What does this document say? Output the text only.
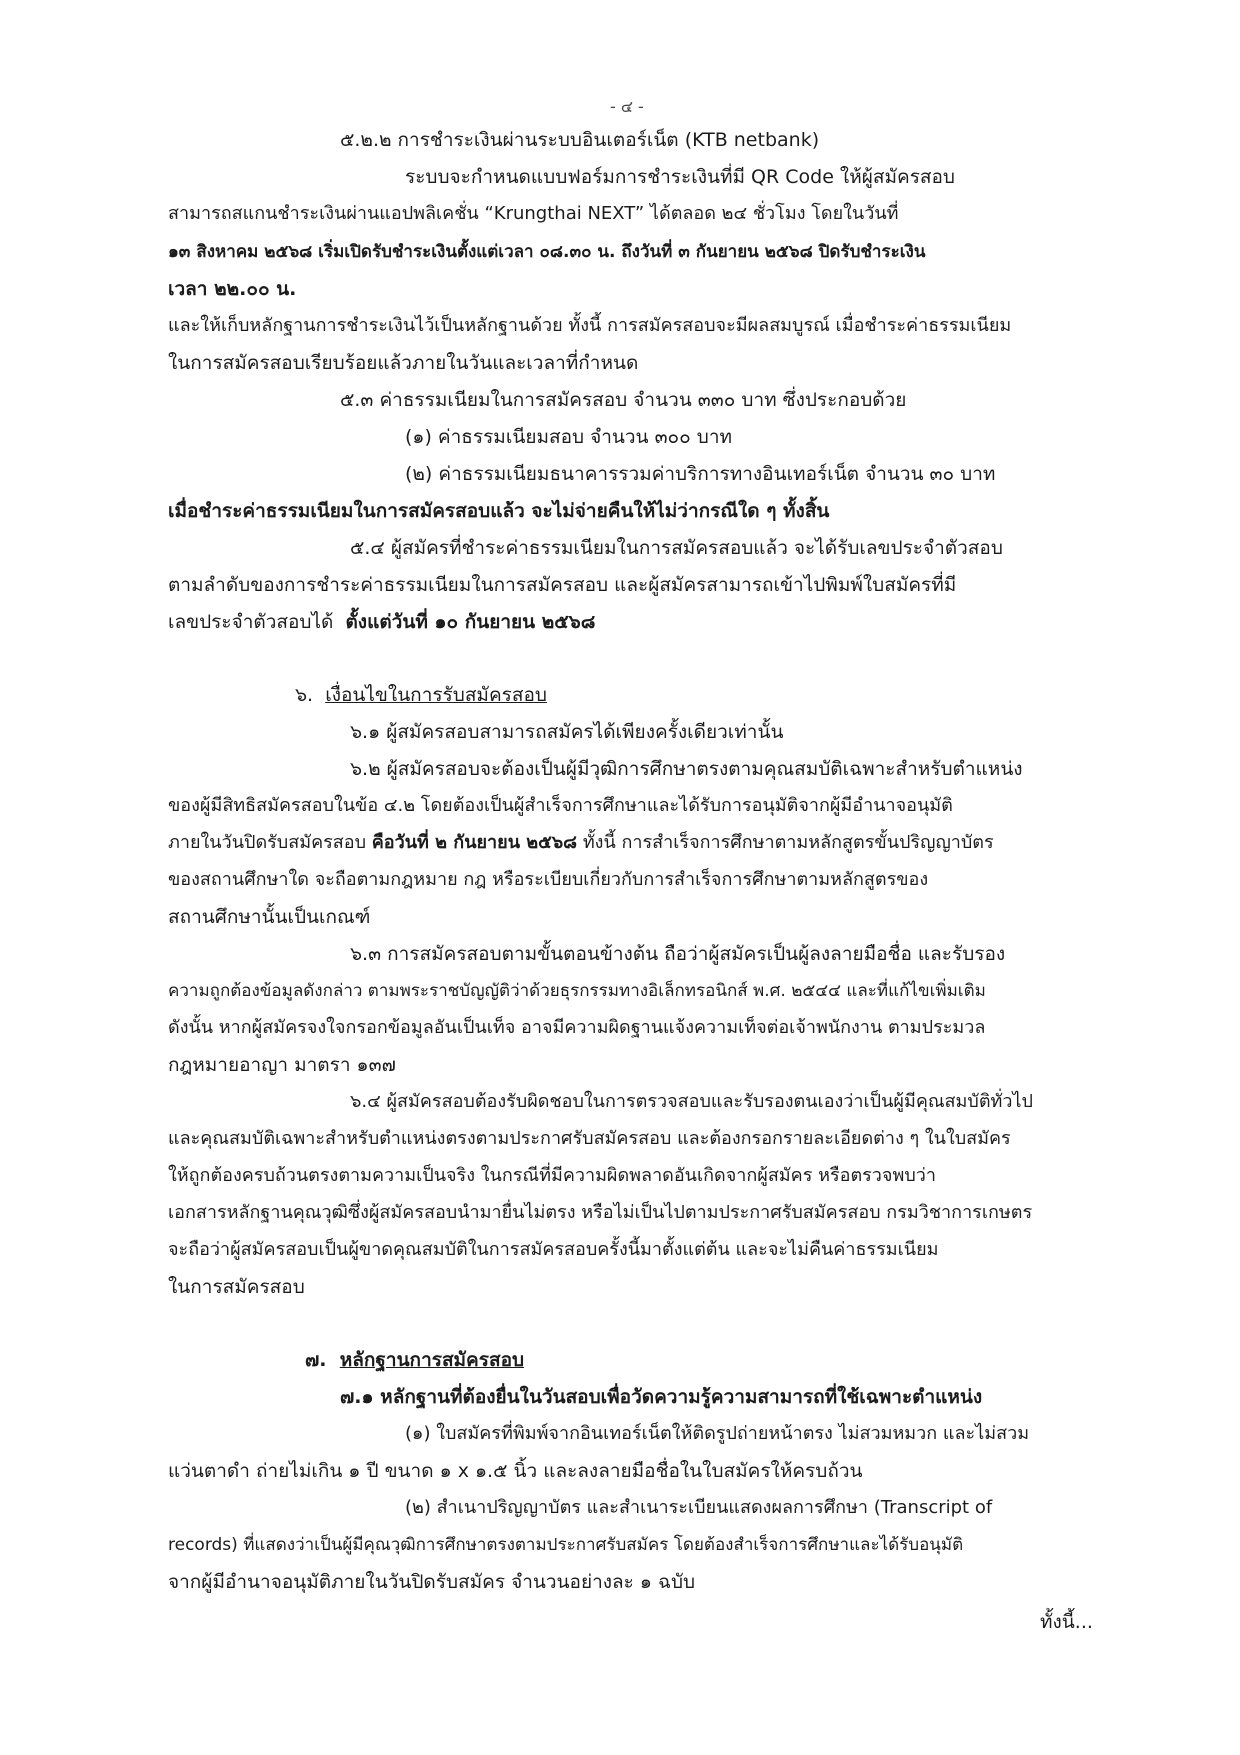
- ๔ -
๕.๒.๒ การชำระเงินผ่านระบบอินเตอร์เน็ต (KTB netbank)
ระบบจะกำหนดแบบฟอร์มการชำระเงินที่มี QR Code ให้ผู้สมัครสอบ
สามารถสแกนชำระเงินผ่านแอปพลิเคชั่น “Krungthai NEXT” ได้ตลอด ๒๔ ชั่วโมง โดยในวันที่
๑๓ สิงหาคม ๒๕๖๘ เริ่มเปิดรับชำระเงินตั้งแต่เวลา ๐๘.๓๐ น. ถึงวันที่ ๓ กันยายน ๒๕๖๘ ปิดรับชำระเงิน
เวลา ๒๒.๐๐ น.
และให้เก็บหลักฐานการชำระเงินไว้เป็นหลักฐานด้วย ทั้งนี้ การสมัครสอบจะมีผลสมบูรณ์ เมื่อชำระค่าธรรมเนียม
ในการสมัครสอบเรียบร้อยแล้วภายในวันและเวลาที่กำหนด
๕.๓ ค่าธรรมเนียมในการสมัครสอบ จำนวน ๓๓๐ บาท ซึ่งประกอบด้วย
(๑) ค่าธรรมเนียมสอบ จำนวน ๓๐๐ บาท
(๒) ค่าธรรมเนียมธนาคารรวมค่าบริการทางอินเทอร์เน็ต จำนวน ๓๐ บาท
เมื่อชำระค่าธรรมเนียมในการสมัครสอบแล้ว จะไม่จ่ายคืนให้ไม่ว่ากรณีใด ๆ ทั้งสิ้น
๕.๔ ผู้สมัครที่ชำระค่าธรรมเนียมในการสมัครสอบแล้ว จะได้รับเลขประจำตัวสอบ
ตามลำดับของการชำระค่าธรรมเนียมในการสมัครสอบ และผู้สมัครสามารถเข้าไปพิมพ์ใบสมัครที่มี
เลขประจำตัวสอบได้ ตั้งแต่วันที่ ๑๐ กันยายน ๒๕๖๘
๖. เงื่อนไขในการรับสมัครสอบ
๖.๑ ผู้สมัครสอบสามารถสมัครได้เพียงครั้งเดียวเท่านั้น
๖.๒ ผู้สมัครสอบจะต้องเป็นผู้มีวุฒิการศึกษาตรงตามคุณสมบัติเฉพาะสำหรับตำแหน่ง
ของผู้มีสิทธิสมัครสอบในข้อ ๔.๒ โดยต้องเป็นผู้สำเร็จการศึกษาและได้รับการอนุมัติจากผู้มีอำนาจอนุมัติ
ภายในวันปิดรับสมัครสอบ คือวันที่ ๒ กันยายน ๒๕๖๘ ทั้งนี้ การสำเร็จการศึกษาตามหลักสูตรขั้นปริญญาบัตร
ของสถานศึกษาใด จะถือตามกฎหมาย กฎ หรือระเบียบเกี่ยวกับการสำเร็จการศึกษาตามหลักสูตรของ
สถานศึกษานั้นเป็นเกณฑ์
๖.๓ การสมัครสอบตามขั้นตอนข้างต้น ถือว่าผู้สมัครเป็นผู้ลงลายมือชื่อ และรับรอง
ความถูกต้องข้อมูลดังกล่าว ตามพระราชบัญญัติว่าด้วยธุรกรรมทางอิเล็กทรอนิกส์ พ.ศ. ๒๕๔๔ และที่แก้ไขเพิ่มเติม
ดังนั้น หากผู้สมัครจงใจกรอกข้อมูลอันเป็นเท็จ อาจมีความผิดฐานแจ้งความเท็จต่อเจ้าพนักงาน ตามประมวล
กฎหมายอาญา มาตรา ๑๓๗
๖.๔ ผู้สมัครสอบต้องรับผิดชอบในการตรวจสอบและรับรองตนเองว่าเป็นผู้มีคุณสมบัติทั่วไป
และคุณสมบัติเฉพาะสำหรับตำแหน่งตรงตามประกาศรับสมัครสอบ และต้องกรอกรายละเอียดต่าง ๆ ในใบสมัคร
ให้ถูกต้องครบถ้วนตรงตามความเป็นจริง ในกรณีที่มีความผิดพลาดอันเกิดจากผู้สมัคร หรือตรวจพบว่า
เอกสารหลักฐานคุณวุฒิซึ่งผู้สมัครสอบนำมายื่นไม่ตรง หรือไม่เป็นไปตามประกาศรับสมัครสอบ กรมวิชาการเกษตร
จะถือว่าผู้สมัครสอบเป็นผู้ขาดคุณสมบัติในการสมัครสอบครั้งนี้มาตั้งแต่ต้น และจะไม่คืนค่าธรรมเนียม
ในการสมัครสอบ
๗. หลักฐานการสมัครสอบ
๗.๑ หลักฐานที่ต้องยื่นในวันสอบเพื่อวัดความรู้ความสามารถที่ใช้เฉพาะตำแหน่ง
(๑) ใบสมัครที่พิมพ์จากอินเทอร์เน็ตให้ติดรูปถ่ายหน้าตรง ไม่สวมหมวก และไม่สวม
แว่นตาดำ ถ่ายไม่เกิน ๑ ปี ขนาด ๑ x ๑.๕ นิ้ว และลงลายมือชื่อในใบสมัครให้ครบถ้วน
(๒) สำเนาปริญญาบัตร และสำเนาระเบียนแสดงผลการศึกษา (Transcript of
records) ที่แสดงว่าเป็นผู้มีคุณวุฒิการศึกษาตรงตามประกาศรับสมัคร โดยต้องสำเร็จการศึกษาและได้รับอนุมัติ
จากผู้มีอำนาจอนุมัติภายในวันปิดรับสมัคร จำนวนอย่างละ ๑ ฉบับ
ทั้งนี้...
